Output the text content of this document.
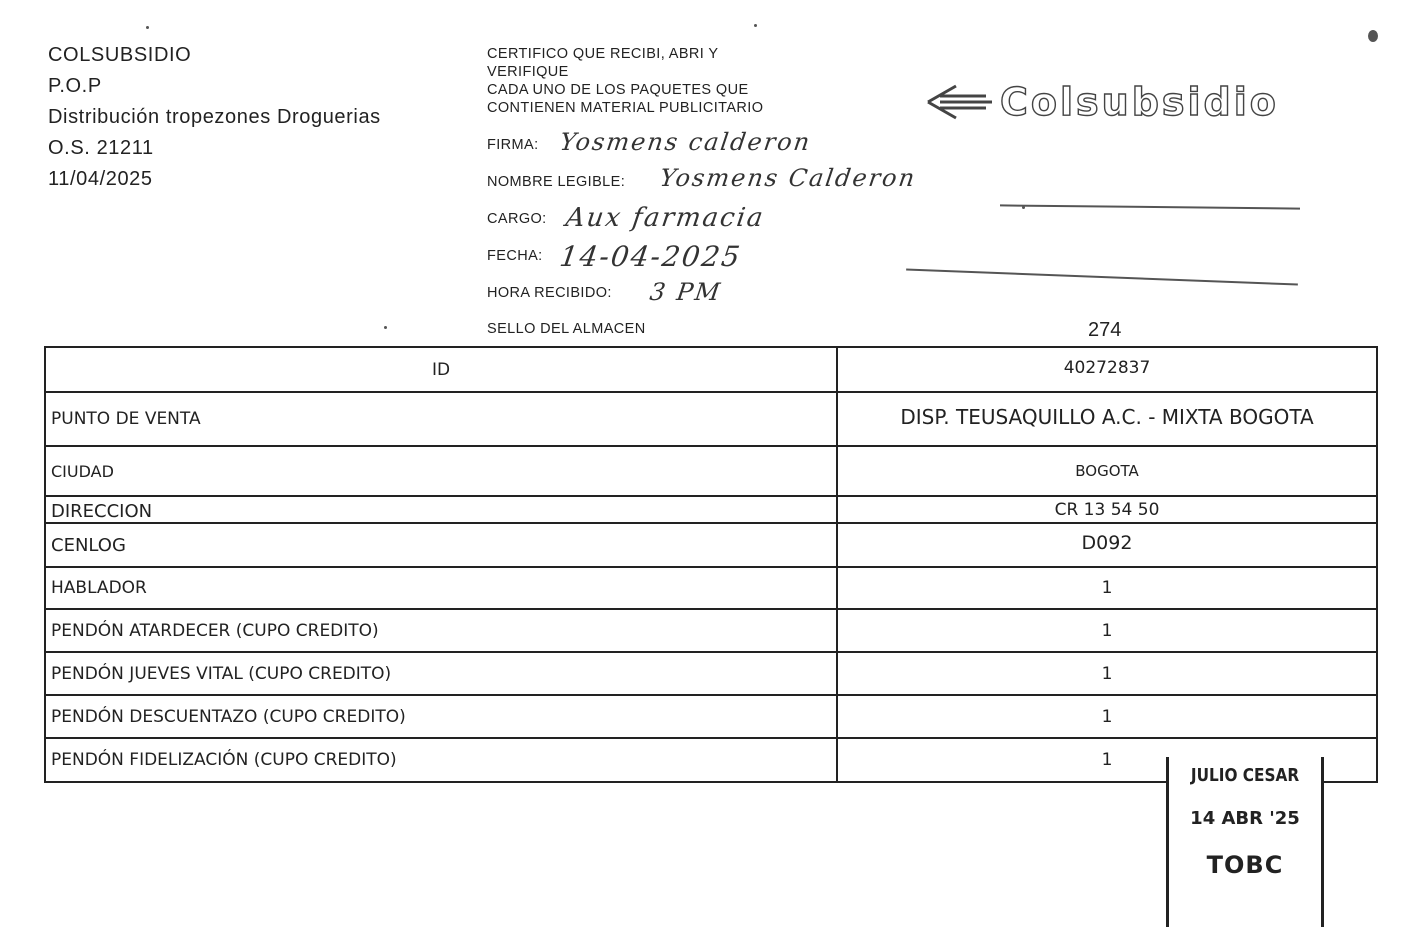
COLSUBSIDIO
P.O.P
Distribución tropezones Droguerias
O.S. 21211
11/04/2025
CERTIFICO QUE RECIBI, ABRI Y
VERIFIQUE
CADA UNO DE LOS PAQUETES QUE
CONTIENEN MATERIAL PUBLICITARIO	Colsubsidio
FIRMA: Yosmens calderon
NOMBRE LEGIBLE: Yosmens Calderon
CARGO: Aux farmacia
FECHA: 14-04-2025
HORA RECIBIDO: 3 PM
SELLO DEL ALMACEN	274
ID	40272837
PUNTO DE VENTA	DISP. TEUSAQUILLO A.C. - MIXTA BOGOTA
CIUDAD	BOGOTA
DIRECCION	CR 13 54 50
CENLOG	D092
HABLADOR	1
PENDÓN ATARDECER (CUPO CREDITO)	1
PENDÓN JUEVES VITAL (CUPO CREDITO)	1
PENDÓN DESCUENTAZO (CUPO CREDITO)	1
PENDÓN FIDELIZACIÓN (CUPO CREDITO)	1
JULIO CESAR
14 ABR '25
TOBC
